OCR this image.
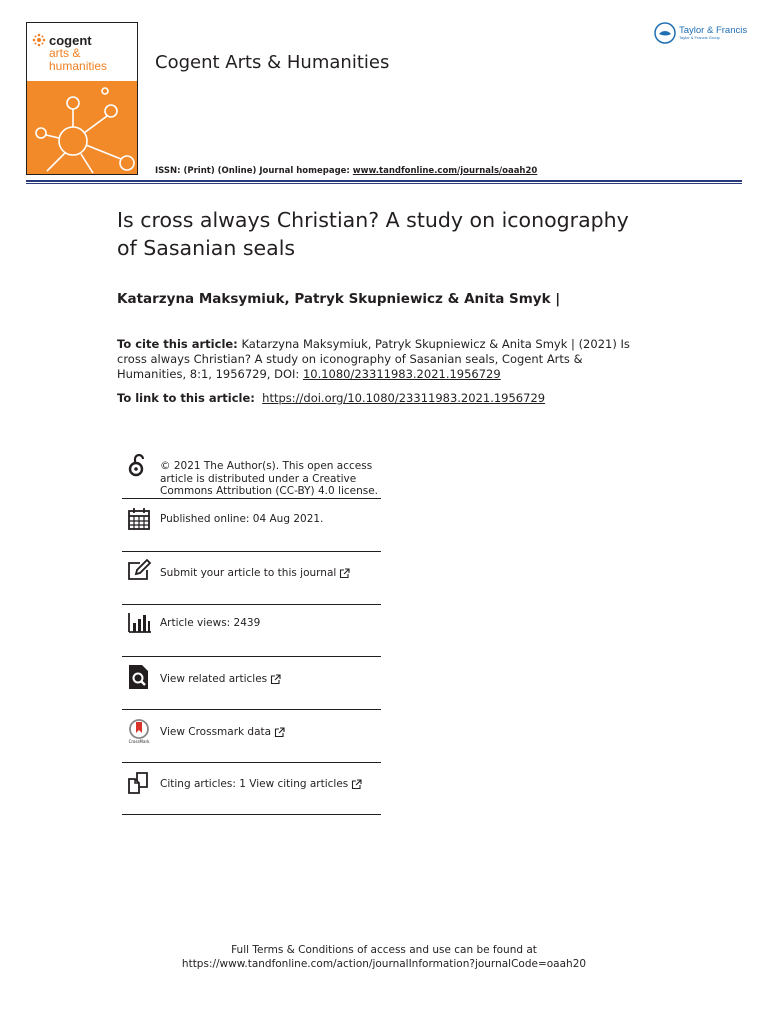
cogent
arts &
humanities	Cogent Arts & Humanities
ISSN: (Print) (Online) Journal homepage: www.tandfonline.com/journals/oaah20
Taylor & Francis
Taylor & Francis Group
Is cross always Christian? A study on iconography
of Sasanian seals
Katarzyna Maksymiuk, Patryk Skupniewicz & Anita Smyk |
To cite this article: Katarzyna Maksymiuk, Patryk Skupniewicz & Anita Smyk | (2021) Is cross always Christian? A study on iconography of Sasanian seals, Cogent Arts & Humanities, 8:1, 1956729, DOI: 10.1080/23311983.2021.1956729
To link to this article: https://doi.org/10.1080/23311983.2021.1956729
© 2021 The Author(s). This open access
article is distributed under a Creative
Commons Attribution (CC-BY) 4.0 license.
Published online: 04 Aug 2021.
Submit your article to this journal
Article views: 2439
View related articles
CrossMark
View Crossmark data
Citing articles: 1 View citing articles
Full Terms & Conditions of access and use can be found at
https://www.tandfonline.com/action/journalInformation?journalCode=oaah20
